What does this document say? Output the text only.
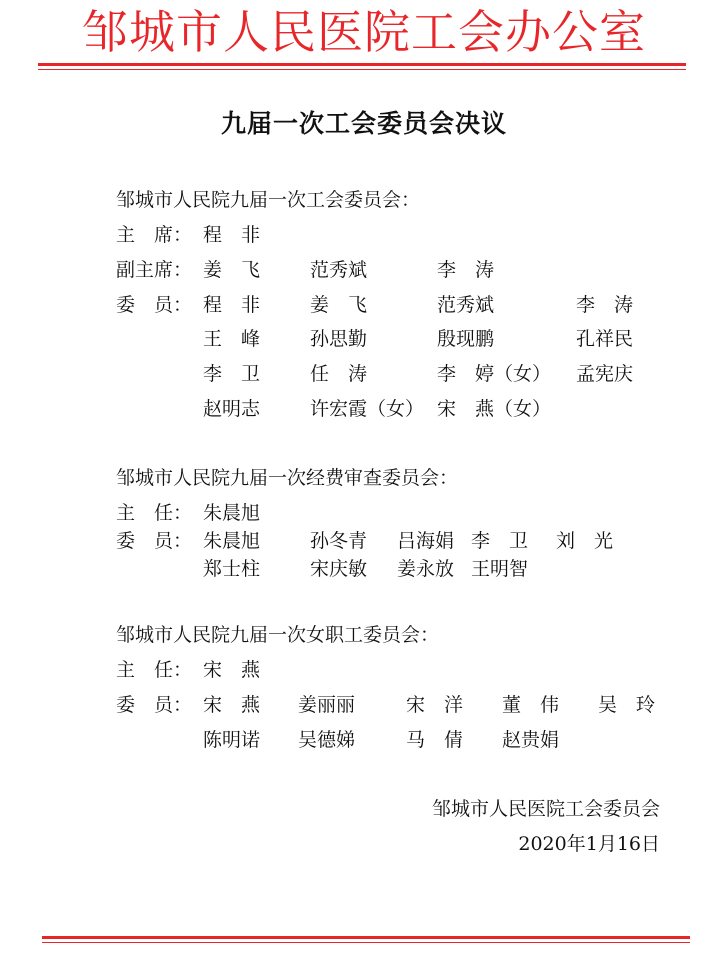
邹城市人民医院工会办公室
九届一次工会委员会决议
邹城市人民院九届一次工会委员会：
主　席： 程　非
副主席： 姜　飞	范秀斌	李　涛
委　员： 程　非	姜　飞	范秀斌	李　涛
王　峰	孙思勤	殷现鹏	孔祥民
李　卫	任　涛	李　婷（女） 孟宪庆
赵明志	许宏霞（女） 宋　燕（女）
邹城市人民院九届一次经费审查委员会：
主　任： 朱晨旭
委　员： 朱晨旭	孙冬青 吕海娟 李　卫 刘　光
郑士柱	宋庆敏 姜永放 王明智
邹城市人民院九届一次女职工委员会：
主　任： 宋　燕
委　员： 宋　燕 姜丽丽	宋　洋 董　伟 吴　玲
陈明诺 吴德娣	马　倩 赵贵娟
邹城市人民医院工会委员会
2020年1月16日
